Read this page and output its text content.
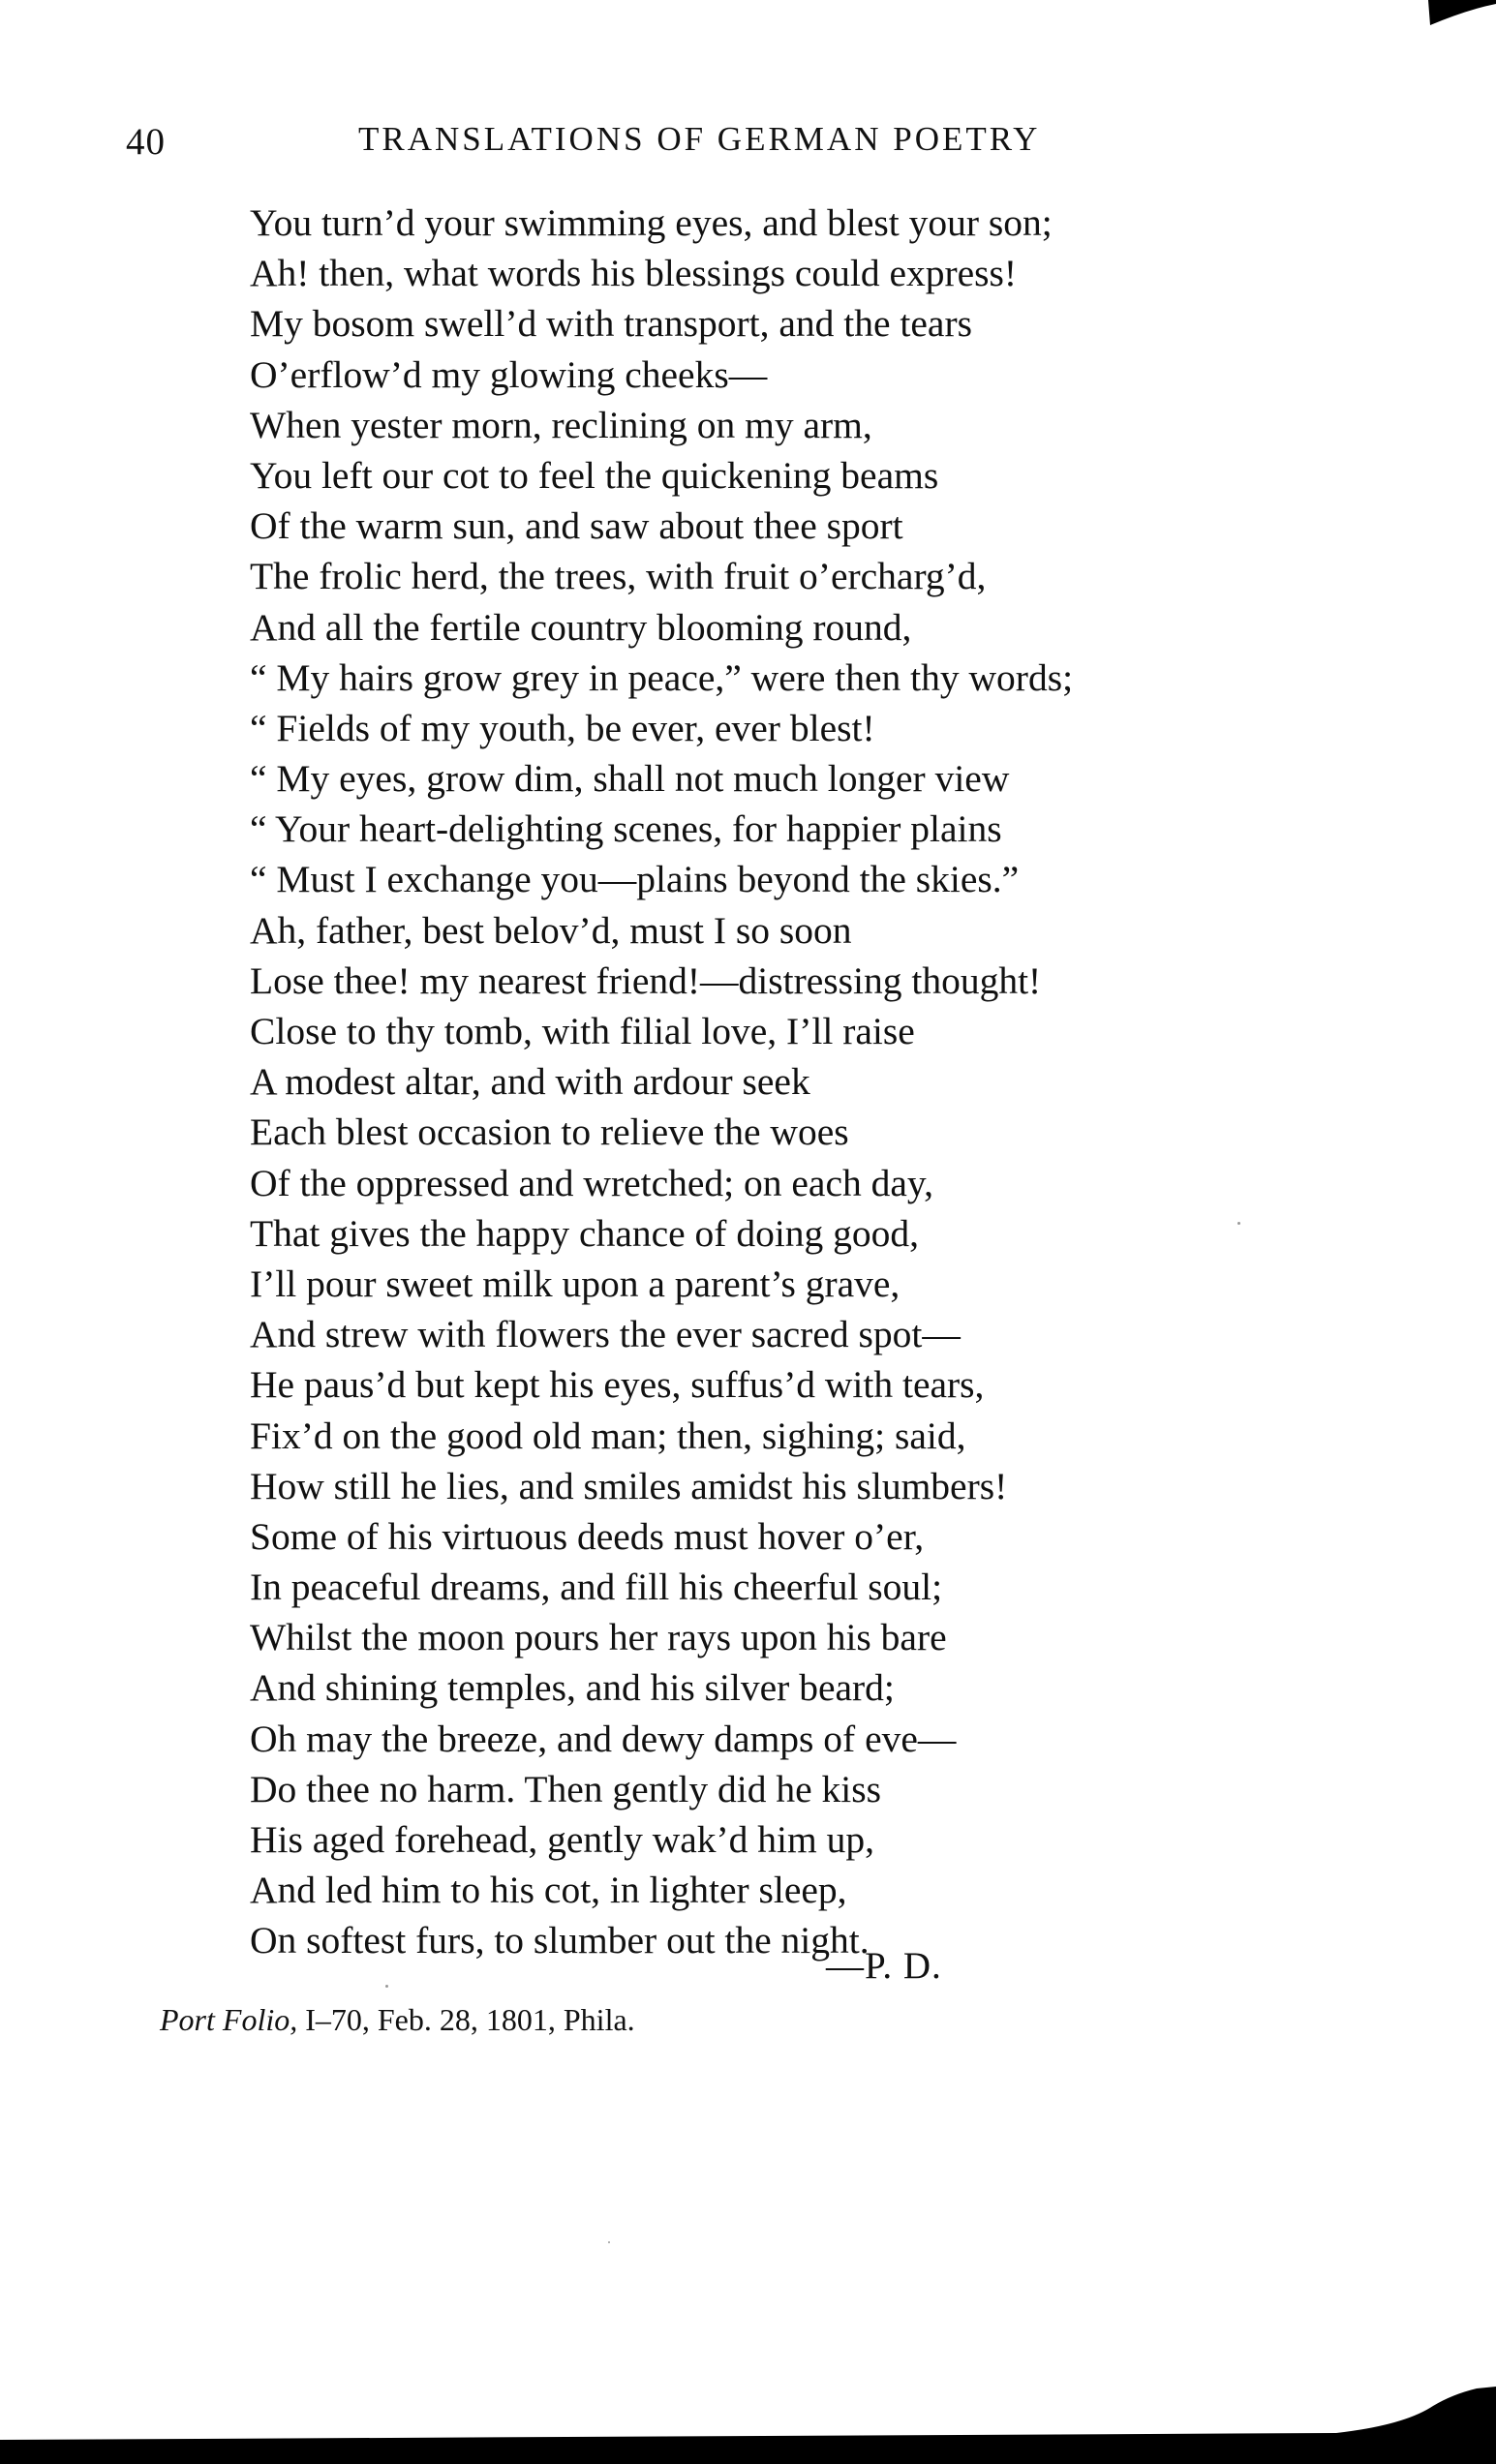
40	TRANSLATIONS OF GERMAN POETRY
You turn’d your swimming eyes, and blest your son;
Ah! then, what words his blessings could express!
My bosom swell’d with transport, and the tears
O’erflow’d my glowing cheeks—
When yester morn, reclining on my arm,
You left our cot to feel the quickening beams
Of the warm sun, and saw about thee sport
The frolic herd, the trees, with fruit o’ercharg’d,
And all the fertile country blooming round,
“ My hairs grow grey in peace,” were then thy words;
“ Fields of my youth, be ever, ever blest!
“ My eyes, grow dim, shall not much longer view
“ Your heart-delighting scenes, for happier plains
“ Must I exchange you—plains beyond the skies.”
Ah, father, best belov’d, must I so soon
Lose thee! my nearest friend!—distressing thought!
Close to thy tomb, with filial love, I’ll raise
A modest altar, and with ardour seek
Each blest occasion to relieve the woes
Of the oppressed and wretched; on each day,
That gives the happy chance of doing good,
I’ll pour sweet milk upon a parent’s grave,
And strew with flowers the ever sacred spot—
He paus’d but kept his eyes, suffus’d with tears,
Fix’d on the good old man; then, sighing; said,
How still he lies, and smiles amidst his slumbers!
Some of his virtuous deeds must hover o’er,
In peaceful dreams, and fill his cheerful soul;
Whilst the moon pours her rays upon his bare
And shining temples, and his silver beard;
Oh may the breeze, and dewy damps of eve—
Do thee no harm. Then gently did he kiss
His aged forehead, gently wak’d him up,
And led him to his cot, in lighter sleep,
On softest furs, to slumber out the night.
—P. D.
Port Folio, I–70, Feb. 28, 1801, Phila.
